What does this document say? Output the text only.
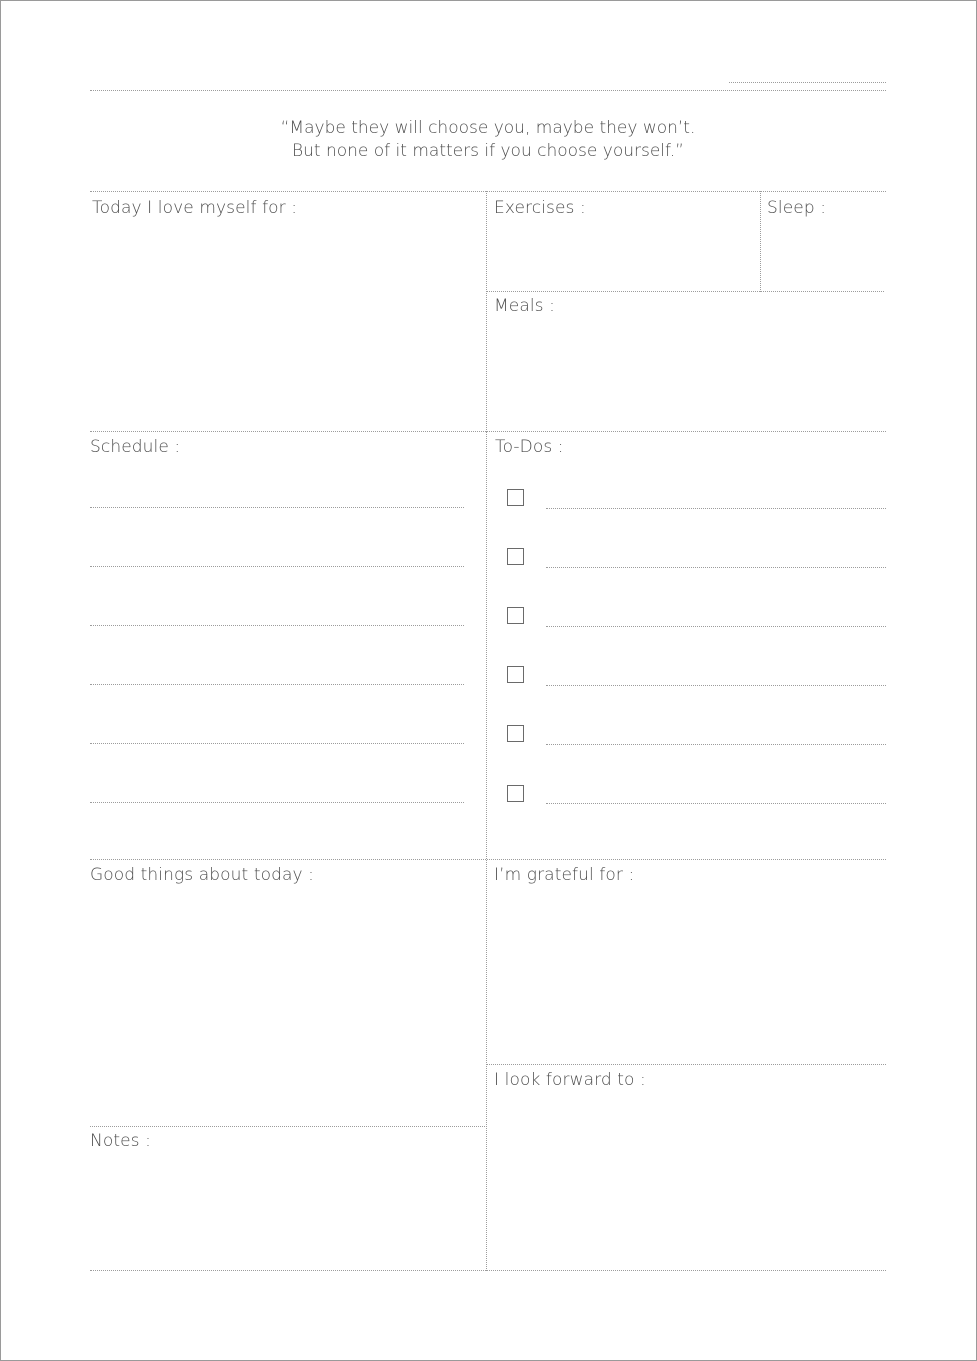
“Maybe they will choose you, maybe they won’t.
But none of it matters if you choose yourself.”
Today I love myself for :	Exercises :	Sleep :
Meals :
Schedule :	To-Dos :
Good things about today :	I’m grateful for :
I look forward to :
Notes :
